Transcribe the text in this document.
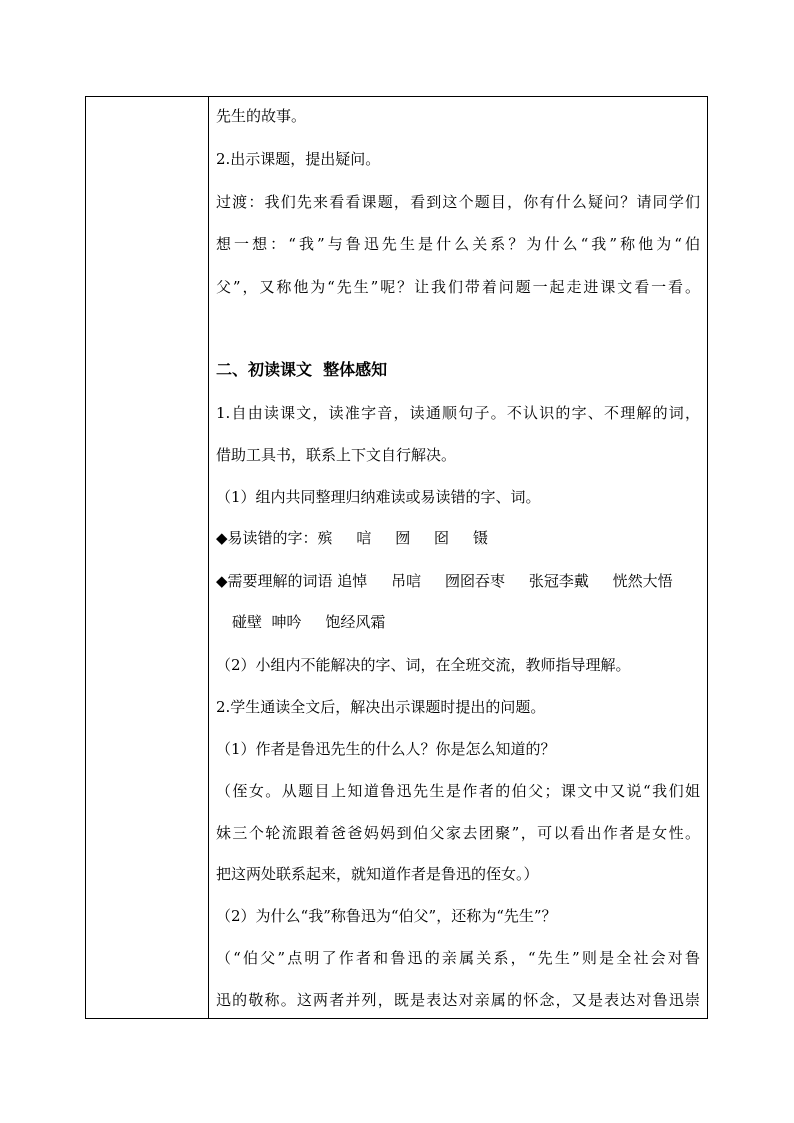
先生的故事。
2.出示课题，提出疑问。
过渡：我们先来看看课题，看到这个题目，你有什么疑问？请同学们
想一想：“我”与鲁迅先生是什么关系？为什么“我”称他为“伯
父”，又称他为“先生”呢？让我们带着问题一起走进课文看一看。
二、初读课文  整体感知
1.自由读课文，读准字音，读通顺句子。不认识的字、不理解的词，
借助工具书，联系上下文自行解决。
（1）组内共同整理归纳难读或易读错的字、词。
◆易读错的字：殡     唁     囫     囵     镊
◆需要理解的词语 追悼     吊唁     囫囵吞枣     张冠李戴     恍然大悟
碰壁  呻吟     饱经风霜
（2）小组内不能解决的字、词，在全班交流，教师指导理解。
2.学生通读全文后，解决出示课题时提出的问题。
（1）作者是鲁迅先生的什么人？你是怎么知道的？
（侄女。从题目上知道鲁迅先生是作者的伯父；课文中又说“我们姐
妹三个轮流跟着爸爸妈妈到伯父家去团聚”，可以看出作者是女性。
把这两处联系起来，就知道作者是鲁迅的侄女。）
（2）为什么“我”称鲁迅为“伯父”，还称为“先生”？
（“伯父”点明了作者和鲁迅的亲属关系，“先生”则是全社会对鲁
迅的敬称。这两者并列，既是表达对亲属的怀念，又是表达对鲁迅崇
